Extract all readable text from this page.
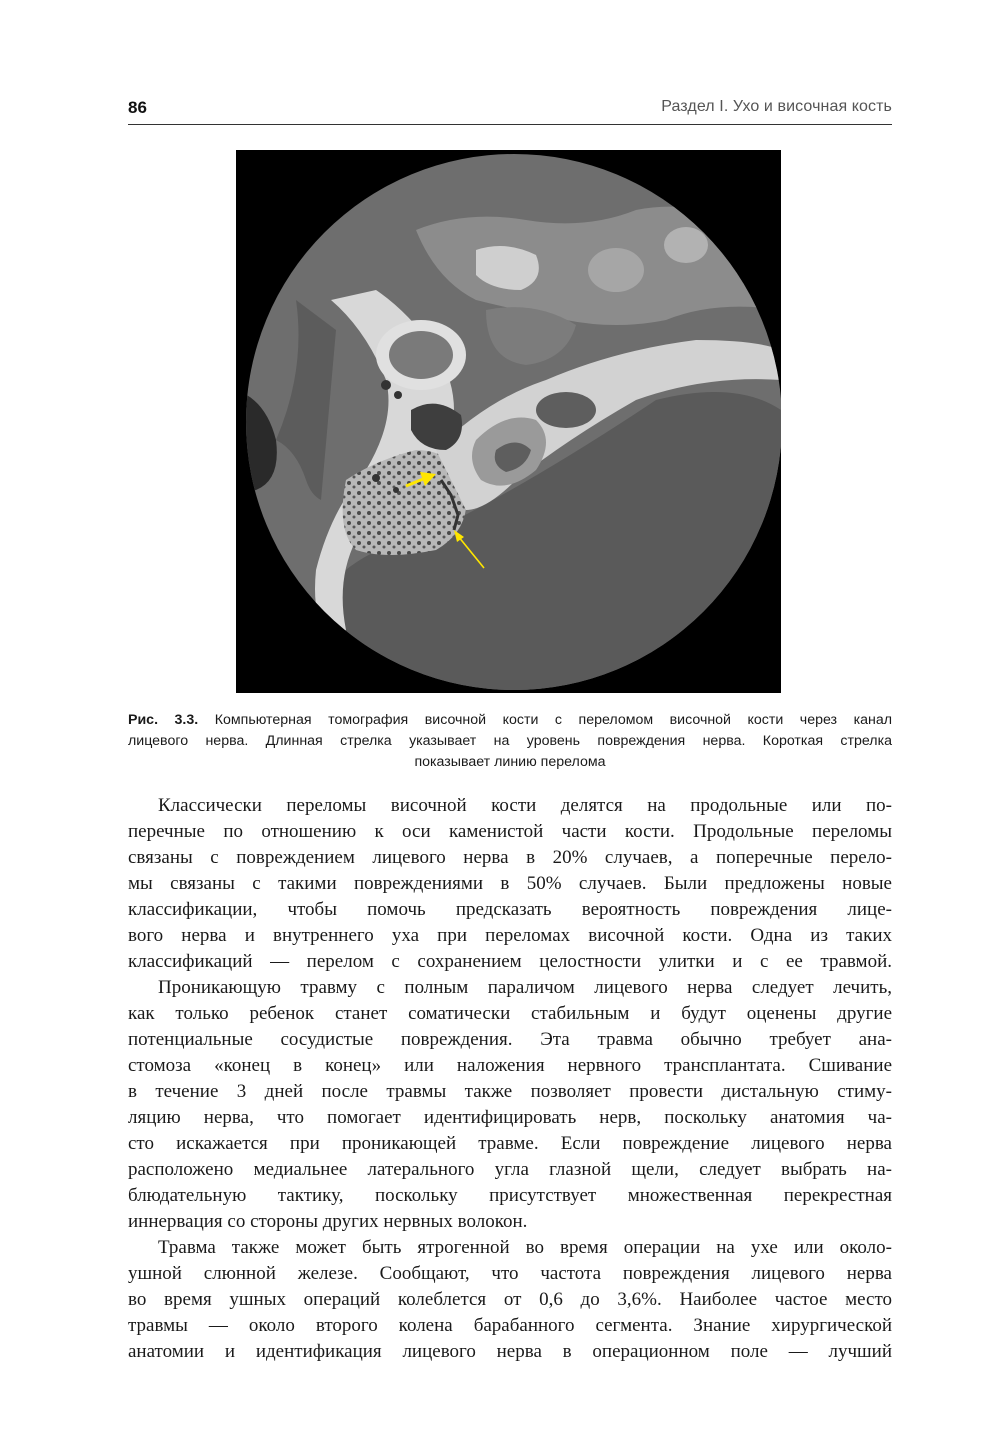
86	Раздел I. Ухо и височная кость
Рис. 3.3. Компьютерная томография височной кости с переломом височной кости через канал
лицевого нерва. Длинная стрелка указывает на уровень повреждения нерва. Короткая стрелка
показывает линию перелома
Классически переломы височной кости делятся на продольные или по-
перечные по отношению к оси каменистой части кости. Продольные переломы
связаны с повреждением лицевого нерва в 20% случаев, а поперечные перело-
мы связаны с такими повреждениями в 50% случаев. Были предложены новые
классификации, чтобы помочь предсказать вероятность повреждения лице-
вого нерва и внутреннего уха при переломах височной кости. Одна из таких
классификаций — перелом с сохранением целостности улитки и с ее травмой.
Проникающую травму с полным параличом лицевого нерва следует лечить,
как только ребенок станет соматически стабильным и будут оценены другие
потенциальные сосудистые повреждения. Эта травма обычно требует ана-
стомоза «конец в конец» или наложения нервного трансплантата. Сшивание
в течение 3 дней после травмы также позволяет провести дистальную стиму-
ляцию нерва, что помогает идентифицировать нерв, поскольку анатомия ча-
сто искажается при проникающей травме. Если повреждение лицевого нерва
расположено медиальнее латерального угла глазной щели, следует выбрать на-
блюдательную тактику, поскольку присутствует множественная перекрестная
иннервация со стороны других нервных волокон.
Травма также может быть ятрогенной во время операции на ухе или около-
ушной слюнной железе. Сообщают, что частота повреждения лицевого нерва
во время ушных операций колеблется от 0,6 до 3,6%. Наиболее частое место
травмы — около второго колена барабанного сегмента. Знание хирургической
анатомии и идентификация лицевого нерва в операционном поле — лучший
